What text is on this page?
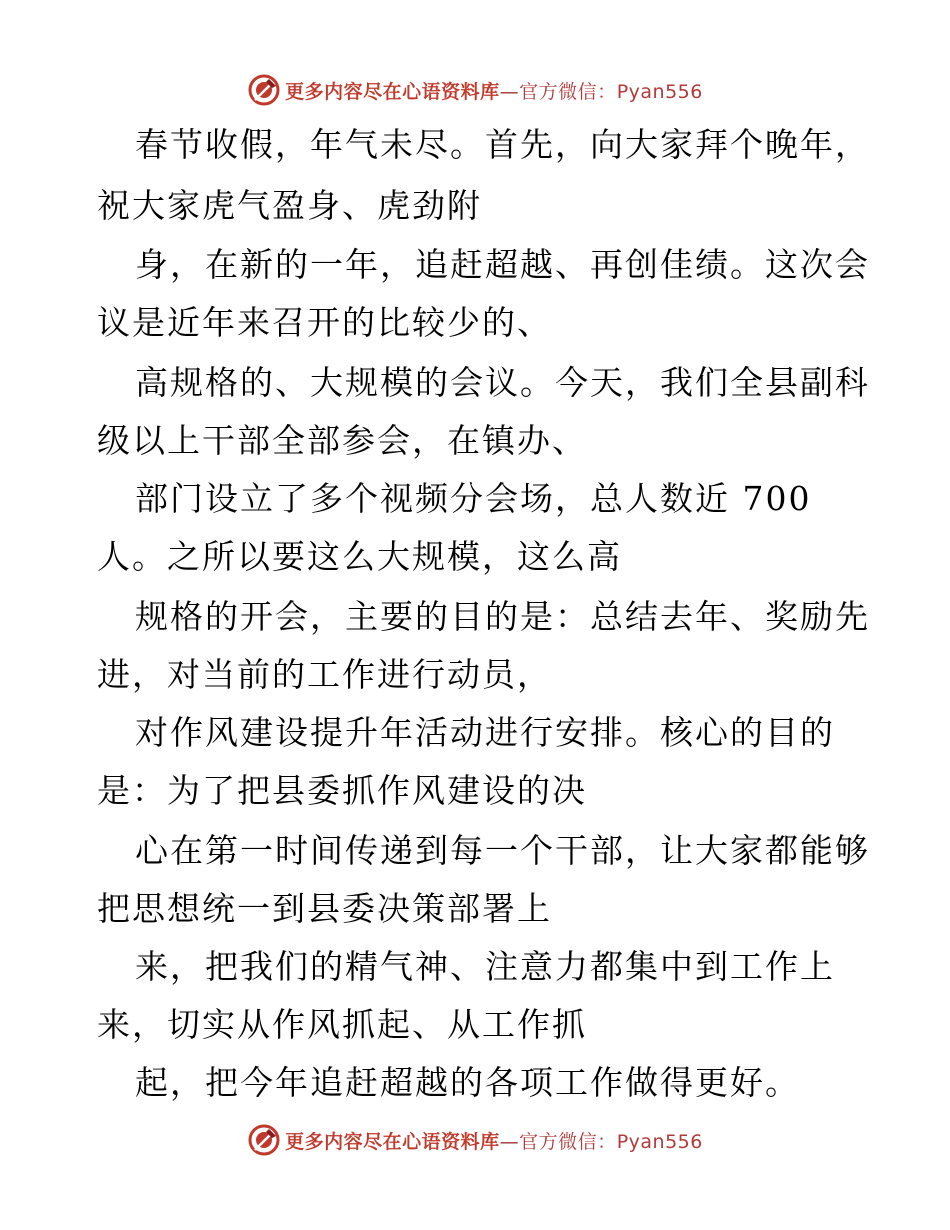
更多内容尽在心语资料库—官方微信：Pyan556
春节收假，年气未尽。首先，向大家拜个晚年，
祝大家虎气盈身、虎劲附
身，在新的一年，追赶超越、再创佳绩。这次会
议是近年来召开的比较少的、
高规格的、大规模的会议。今天，我们全县副科
级以上干部全部参会，在镇办、
部门设立了多个视频分会场，总人数近 700
人。之所以要这么大规模，这么高
规格的开会，主要的目的是：总结去年、奖励先
进，对当前的工作进行动员，
对作风建设提升年活动进行安排。核心的目的
是：为了把县委抓作风建设的决
心在第一时间传递到每一个干部，让大家都能够
把思想统一到县委决策部署上
来，把我们的精气神、注意力都集中到工作上
来，切实从作风抓起、从工作抓
起，把今年追赶超越的各项工作做得更好。
更多内容尽在心语资料库—官方微信：Pyan556
